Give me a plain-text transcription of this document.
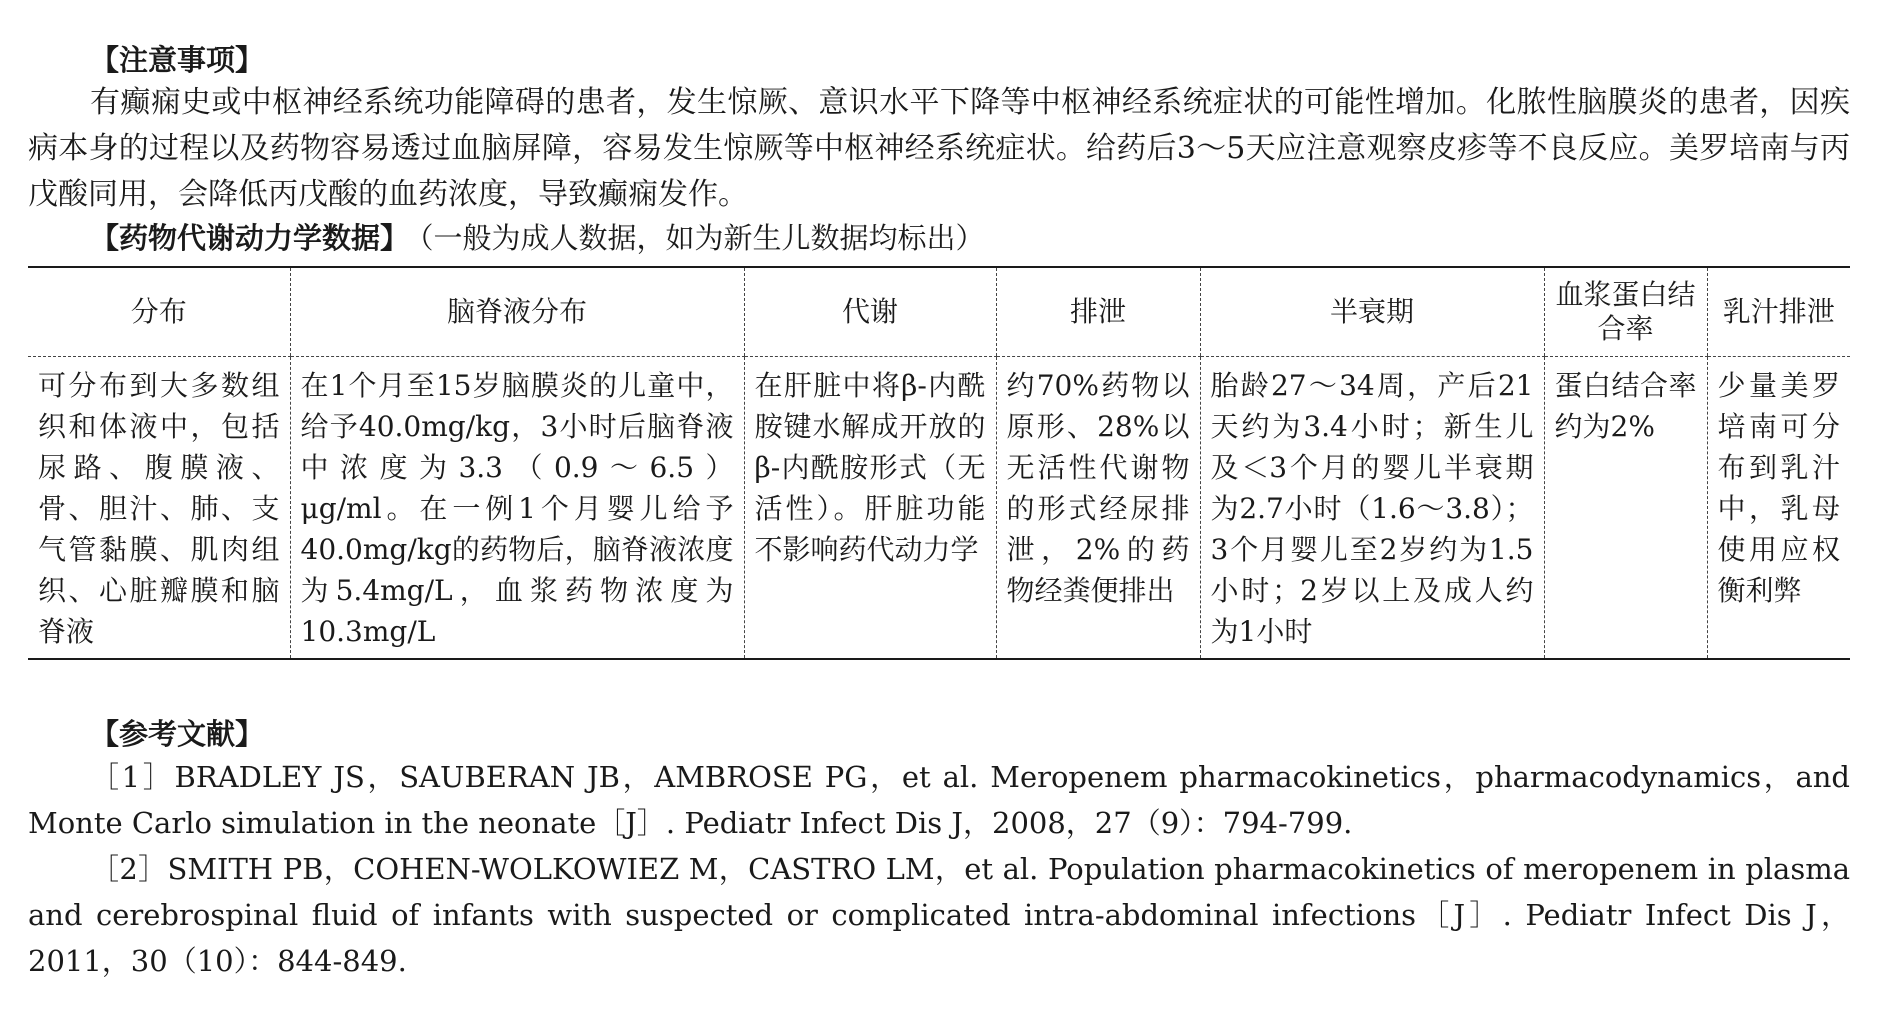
【注意事项】

有癫痫史或中枢神经系统功能障碍的患者，发生惊厥、意识水平下降等中枢神经系统症状的可能性增加。化脓性脑膜炎的患者，因疾病本身的过程以及药物容易透过血脑屏障，容易发生惊厥等中枢神经系统症状。给药后3～5天应注意观察皮疹等不良反应。美罗培南与丙戊酸同用，会降低丙戊酸的血药浓度，导致癫痫发作。

【药物代谢动力学数据】 （一般为成人数据，如为新生儿数据均标出）
分布	脑脊液分布	代谢	排泄	半衰期	血浆蛋白结合率	乳汁排泄
可分布到大多数组织和体液中，包括尿路、腹膜液、骨、胆汁、肺、支气管黏膜、肌肉组织、心脏瓣膜和脑脊液	在1个月至15岁脑膜炎的儿童中，给予40.0mg/kg，3小时后脑脊液中浓度为3.3（0.9～6.5）μg/ml。在一例1个月婴儿给予40.0mg/kg的药物后，脑脊液浓度为5.4mg/L，血浆药物浓度为10.3mg/L	在肝脏中将β-内酰胺键水解成开放的β-内酰胺形式（无活性）。肝脏功能不影响药代动力学	约70%药物以原形、28%以无活性代谢物的形式经尿排泄，2%的药物经粪便排出	胎龄27～34周，产后21天约为3.4小时；新生儿及＜3个月的婴儿半衰期为2.7小时（1.6～3.8）；3个月婴儿至2岁约为1.5小时；2岁以上及成人约为1小时	蛋白结合率约为2%	少量美罗培南可分布到乳汁中，乳母使用应权衡利弊
【参考文献】

［1］BRADLEY JS，SAUBERAN JB，AMBROSE PG，et al. Meropenem pharmacokinetics，pharmacodynamics，and Monte Carlo simulation in the neonate［J］. Pediatr Infect Dis J，2008，27（9）：794-799.

［2］SMITH PB，COHEN-WOLKOWIEZ M，CASTRO LM，et al. Population pharmacokinetics of meropenem in plasma and cerebrospinal fluid of infants with suspected or complicated intra-abdominal infections［J］. Pediatr Infect Dis J，2011，30（10）：844-849.
